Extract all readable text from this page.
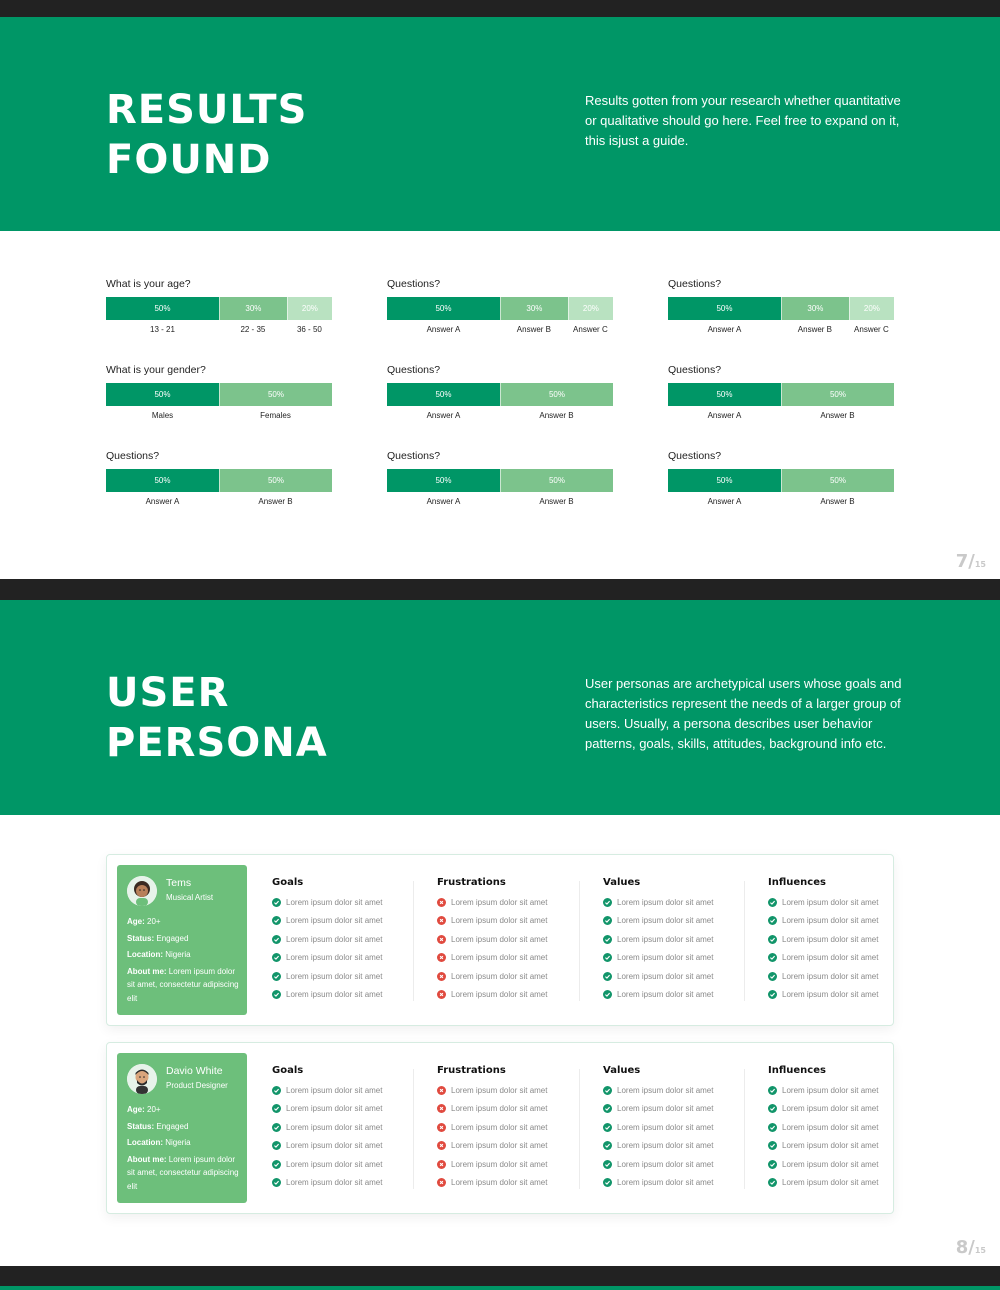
RESULTS
FOUND
Results gotten from your research whether quantitative or qualitative should go here. Feel free to expand on it, this isjust a guide.
What is your age?
50%	30%	20%
13 - 21	22 - 35	36 - 50
Questions?
50%	30%	20%
Answer A	Answer B	Answer C
Questions?
50%	30%	20%
Answer A	Answer B	Answer C
What is your gender?
50%	50%
Males	Females
Questions?
50%	50%
Answer A	Answer B
Questions?
50%	50%
Answer A	Answer B
Questions?
50%	50%
Answer A	Answer B
Questions?
50%	50%
Answer A	Answer B
Questions?
50%	50%
Answer A	Answer B
7/15
USER
PERSONA
User personas are archetypical users whose goals and characteristics represent the needs of a larger group of users. Usually, a persona describes user behavior patterns, goals, skills, attitudes, background info etc.
Tems
Musical Artist
Age: 20+
Status: Engaged
Location: Nigeria
About me: Lorem ipsum dolor sit amet, consectetur adipiscing elit
Goals
Lorem ipsum dolor sit amet
Lorem ipsum dolor sit amet
Lorem ipsum dolor sit amet
Lorem ipsum dolor sit amet
Lorem ipsum dolor sit amet
Lorem ipsum dolor sit amet
Frustrations
Lorem ipsum dolor sit amet
Lorem ipsum dolor sit amet
Lorem ipsum dolor sit amet
Lorem ipsum dolor sit amet
Lorem ipsum dolor sit amet
Lorem ipsum dolor sit amet
Values
Lorem ipsum dolor sit amet
Lorem ipsum dolor sit amet
Lorem ipsum dolor sit amet
Lorem ipsum dolor sit amet
Lorem ipsum dolor sit amet
Lorem ipsum dolor sit amet
Influences
Lorem ipsum dolor sit amet
Lorem ipsum dolor sit amet
Lorem ipsum dolor sit amet
Lorem ipsum dolor sit amet
Lorem ipsum dolor sit amet
Lorem ipsum dolor sit amet
Davio White
Product Designer
Age: 20+
Status: Engaged
Location: Nigeria
About me: Lorem ipsum dolor sit amet, consectetur adipiscing elit
Goals
Lorem ipsum dolor sit amet
Lorem ipsum dolor sit amet
Lorem ipsum dolor sit amet
Lorem ipsum dolor sit amet
Lorem ipsum dolor sit amet
Lorem ipsum dolor sit amet
Frustrations
Lorem ipsum dolor sit amet
Lorem ipsum dolor sit amet
Lorem ipsum dolor sit amet
Lorem ipsum dolor sit amet
Lorem ipsum dolor sit amet
Lorem ipsum dolor sit amet
Values
Lorem ipsum dolor sit amet
Lorem ipsum dolor sit amet
Lorem ipsum dolor sit amet
Lorem ipsum dolor sit amet
Lorem ipsum dolor sit amet
Lorem ipsum dolor sit amet
Influences
Lorem ipsum dolor sit amet
Lorem ipsum dolor sit amet
Lorem ipsum dolor sit amet
Lorem ipsum dolor sit amet
Lorem ipsum dolor sit amet
Lorem ipsum dolor sit amet
8/15
